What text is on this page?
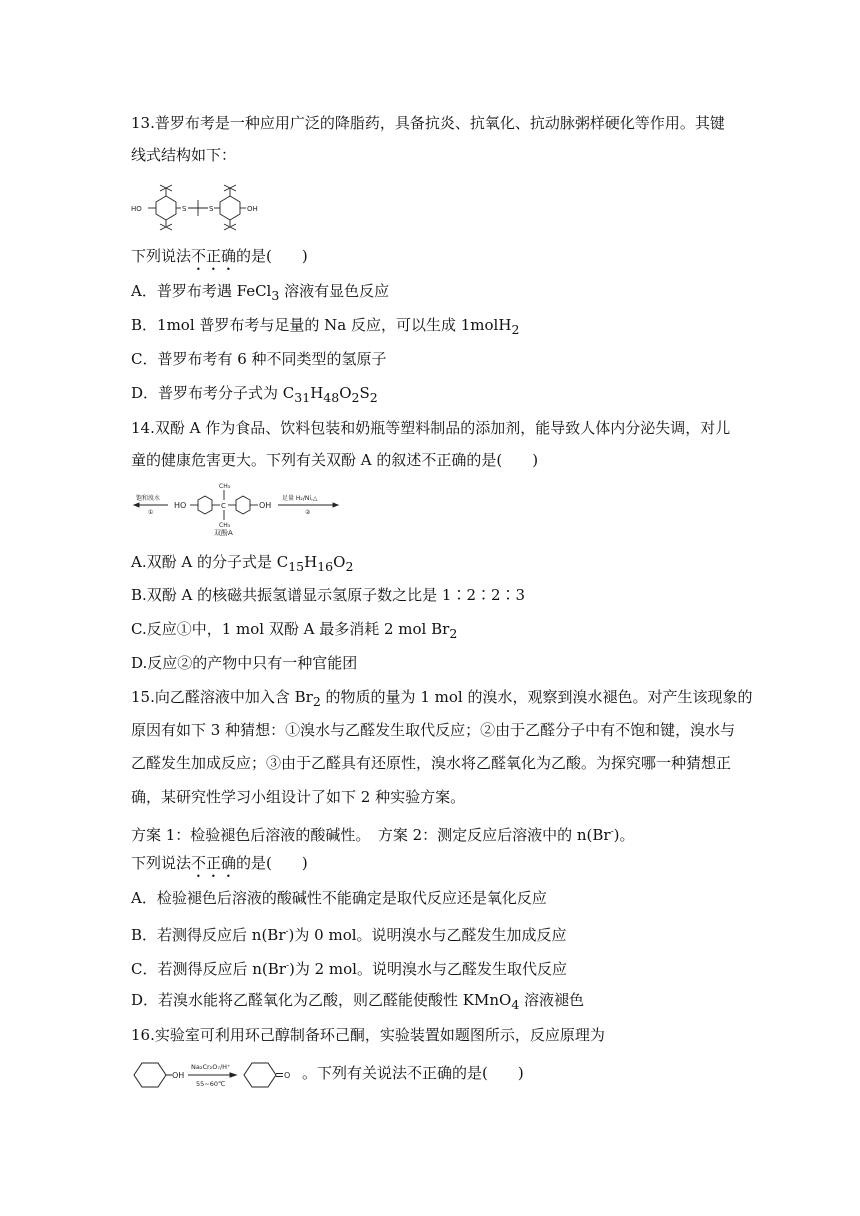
13.普罗布考是一种应用广泛的降脂药，具备抗炎、抗氧化、抗动脉粥样硬化等作用。其键
线式结构如下：
HO	S	S	OH
下列说法不正确的是(　　)
A．普罗布考遇 FeCl$_3$ 溶液有显色反应
B．1mol 普罗布考与足量的 Na 反应，可以生成 1molH$_2$
C．普罗布考有 6 种不同类型的氢原子
D．普罗布考分子式为 $C_{31}H_{48}O_2S_2$
14.双酚 A 作为食品、饮料包装和奶瓶等塑料制品的添加剂，能导致人体内分泌失调，对儿
童的健康危害更大。下列有关双酚 A 的叙述不正确的是(　　)
饱和溴水
①
HO	C
CH₃
CH₃
OH
双酚A
足量 H₂/Ni,△
②
A.双酚 A 的分子式是 $C_{15}H_{16}O_2$
B.双酚 A 的核磁共振氢谱显示氢原子数之比是 1∶2∶2∶3
C.反应①中，1 mol 双酚 A 最多消耗 2 mol $Br_2$
D.反应②的产物中只有一种官能团
15.向乙醛溶液中加入含 $Br_2$ 的物质的量为 1 mol 的溴水，观察到溴水褪色。对产生该现象的
原因有如下 3 种猜想：①溴水与乙醛发生取代反应；②由于乙醛分子中有不饱和键，溴水与
乙醛发生加成反应；③由于乙醛具有还原性，溴水将乙醛氧化为乙酸。为探究哪一种猜想正
确，某研究性学习小组设计了如下 2 种实验方案。
方案 1：检验褪色后溶液的酸碱性。　方案 2：测定反应后溶液中的 n(Br-)。
下列说法不正确的是(　　)
A．检验褪色后溶液的酸碱性不能确定是取代反应还是氧化反应
B．若测得反应后 n(Br-)为 0 mol。说明溴水与乙醛发生加成反应
C．若测得反应后 n(Br-)为 2 mol。说明溴水与乙醛发生取代反应
D．若溴水能将乙醛氧化为乙酸，则乙醛能使酸性 KMnO$_4$ 溶液褪色
16.实验室可利用环己醇制备环己酮，实验装置如题图所示，反应原理为
OH
Na₂Cr₂O₇/H⁺
55~60℃
O 。下列有关说法不正确的是(　　)
